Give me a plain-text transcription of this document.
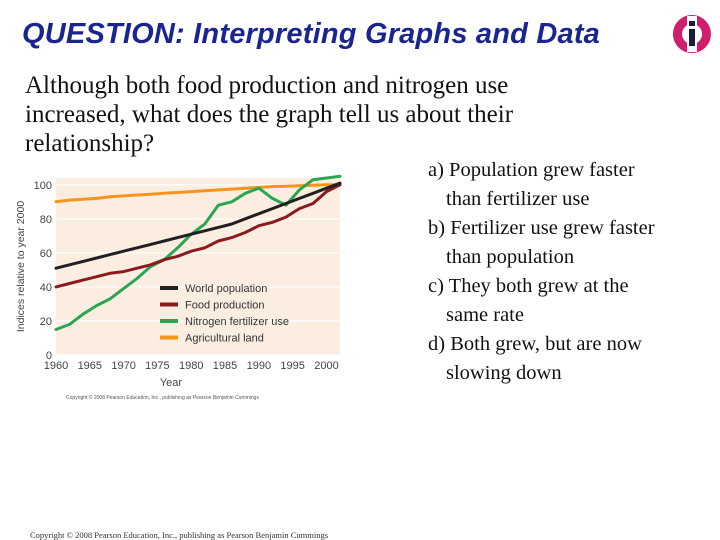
QUESTION: Interpreting Graphs and Data
Although both food production and nitrogen use
increased, what does the graph tell us about their
relationship?
0
20
40
60
80
100
1960 1965 1970 1975 1980 1985 1990 1995 2000
Year
Indices relative to year 2000	World population
Food production
Nitrogen fertilizer use
Agricultural land
Copyright © 2008 Pearson Education, Inc., publishing as Pearson Benjamin Cummings
a) Population grew faster
than fertilizer use
b) Fertilizer use grew faster
than population
c) They both grew at the
same rate
d) Both grew, but are now
slowing down
Copyright © 2008 Pearson Education, Inc., publishing as Pearson Benjamin Cummings
